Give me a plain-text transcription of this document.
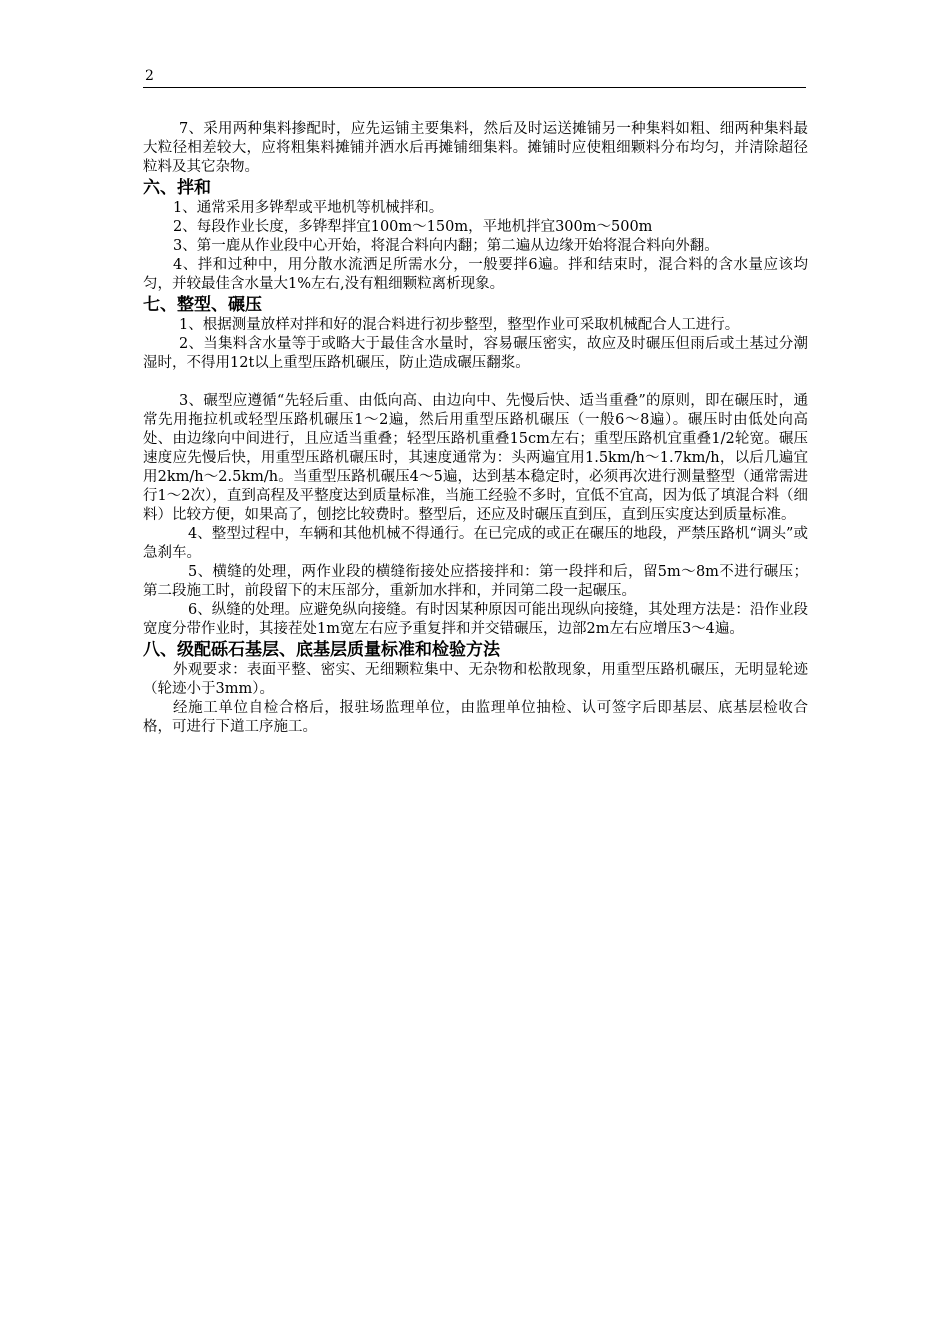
2

7、采用两种集料掺配时，应先运铺主要集料，然后及时运送摊铺另一种集料如粗、细两种集料最大粒径相差较大，应将粗集料摊铺并洒水后再摊铺细集料。摊铺时应使粗细颗料分布均匀，并清除超径粒料及其它杂物。

六、拌和

1、通常采用多铧犁或平地机等机械拌和。

2、每段作业长度，多铧犁拌宜100m～150m，平地机拌宜300m～500m

3、第一鹿从作业段中心开始，将混合料向内翻；第二遍从边缘开始将混合料向外翻。

4、拌和过种中，用分散水流洒足所需水分，一般要拌6遍。拌和结束时，混合料的含水量应该均匀，并较最佳含水量大1%左右,没有粗细颗粒离析现象。

七、整型、碾压

1、根据测量放样对拌和好的混合料进行初步整型，整型作业可采取机械配合人工进行。

2、当集料含水量等于或略大于最佳含水量时，容易碾压密实，故应及时碾压但雨后或土基过分潮湿时，不得用12t以上重型压路机碾压，防止造成碾压翻浆。

3、碾型应遵循“先轻后重、由低向高、由边向中、先慢后快、适当重叠”的原则，即在碾压时，通常先用拖拉机或轻型压路机碾压1～2遍，然后用重型压路机碾压（一般6～8遍）。碾压时由低处向高处、由边缘向中间进行，且应适当重叠；轻型压路机重叠15cm左右；重型压路机宜重叠1/2轮宽。碾压速度应先慢后快，用重型压路机碾压时，其速度通常为：头两遍宜用1.5km/h～1.7km/h，以后几遍宜用2km/h～2.5km/h。当重型压路机碾压4～5遍，达到基本稳定时，必须再次进行测量整型（通常需进行1～2次），直到高程及平整度达到质量标准，当施工经验不多时，宜低不宜高，因为低了填混合料（细料）比较方便，如果高了，刨挖比较费时。整型后，还应及时碾压直到压，直到压实度达到质量标准。

4、整型过程中，车辆和其他机械不得通行。在已完成的或正在碾压的地段，严禁压路机“调头”或急刹车。

5、横缝的处理，两作业段的横缝衔接处应搭接拌和：第一段拌和后，留5m～8m不进行碾压；第二段施工时，前段留下的末压部分，重新加水拌和，并同第二段一起碾压。

6、纵缝的处理。应避免纵向接缝。有时因某种原因可能出现纵向接缝，其处理方法是：沿作业段宽度分带作业时，其接茬处1m宽左右应予重复拌和并交错碾压，边部2m左右应增压3～4遍。

八、级配砾石基层、底基层质量标准和检验方法

外观要求：表面平整、密实、无细颗粒集中、无杂物和松散现象，用重型压路机碾压，无明显轮迹（轮迹小于3mm）。

经施工单位自检合格后，报驻场监理单位，由监理单位抽检、认可签字后即基层、底基层检收合格，可进行下道工序施工。
